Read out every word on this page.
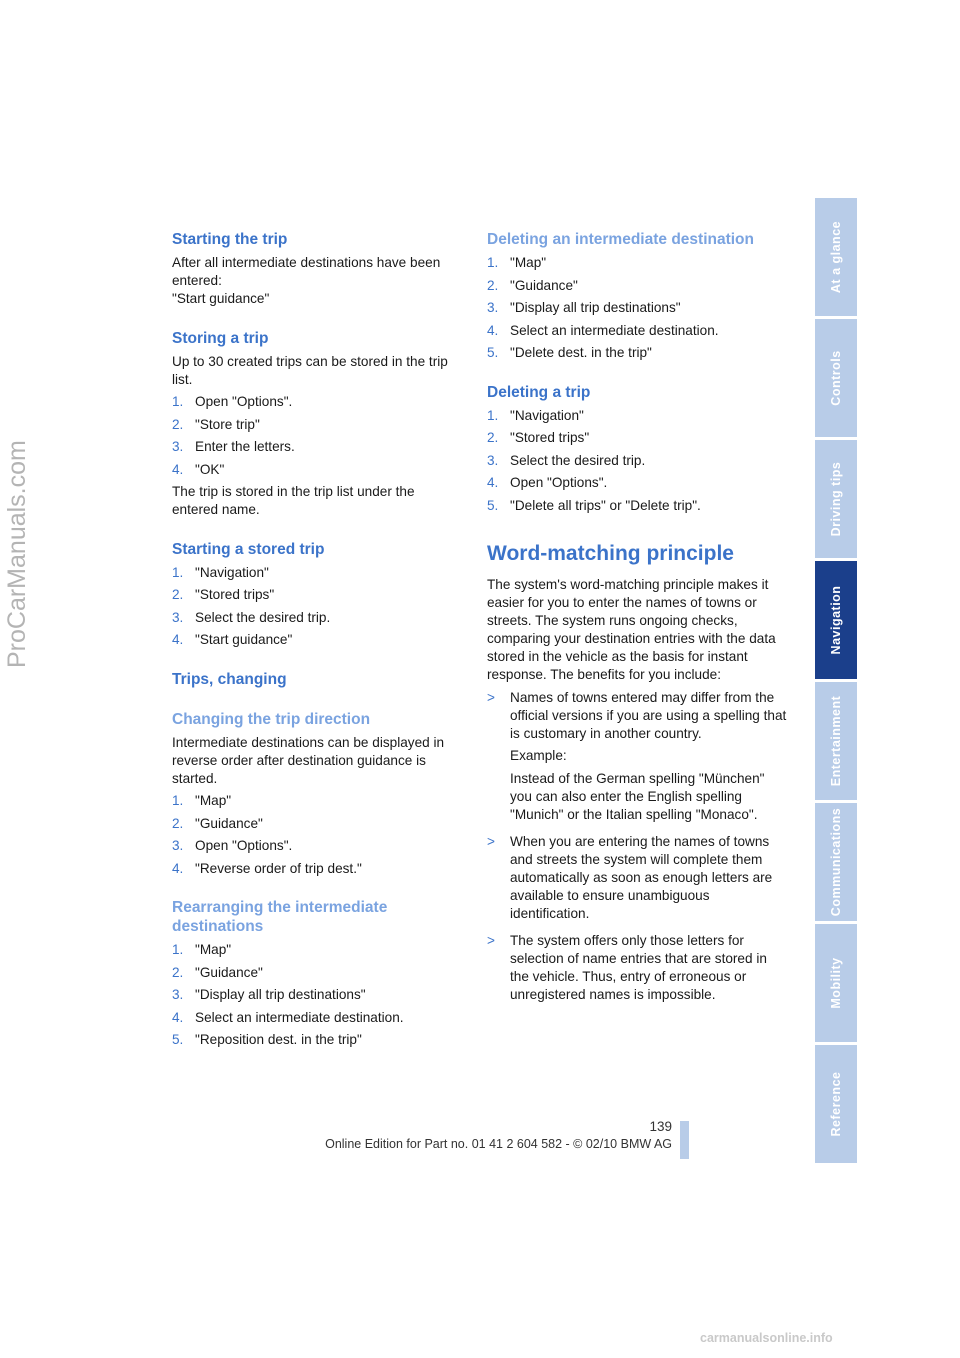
ProCarManuals.com
At a glance
Controls
Driving tips
Navigation
Entertainment
Communications
Mobility
Reference
Starting the trip

After all intermediate destinations have been entered:

"Start guidance"

Storing a trip

Up to 30 created trips can be stored in the trip list.

1. Open "Options".
2. "Store trip"
3. Enter the letters.
4. "OK"

The trip is stored in the trip list under the entered name.

Starting a stored trip
1. "Navigation"
2. "Stored trips"
3. Select the desired trip.
4. "Start guidance"
Trips, changing
Changing the trip direction

Intermediate destinations can be displayed in reverse order after destination guidance is started.

1. "Map"
2. "Guidance"
3. Open "Options".
4. "Reverse order of trip dest."
Rearranging the intermediate destinations
1. "Map"
2. "Guidance"
3. "Display all trip destinations"
4. Select an intermediate destination.
5. "Reposition dest. in the trip"
Deleting an intermediate destination
1. "Map"
2. "Guidance"
3. "Display all trip destinations"
4. Select an intermediate destination.
5. "Delete dest. in the trip"
Deleting a trip
1. "Navigation"
2. "Stored trips"
3. Select the desired trip.
4. Open "Options".
5. "Delete all trips" or "Delete trip".
Word-matching principle

The system's word-matching principle makes it easier for you to enter the names of towns or streets. The system runs ongoing checks, comparing your destination entries with the data stored in the vehicle as the basis for instant response. The benefits for you include:

>	Names of towns entered may differ from the official versions if you are using a spelling that is customary in another country.

Example:

Instead of the German spelling "München" you can also enter the English spelling "Munich" or the Italian spelling "Monaco".

>	When you are entering the names of towns and streets the system will complete them automatically as soon as enough letters are available to ensure unambiguous identification.

>	The system offers only those letters for selection of name entries that are stored in the vehicle. Thus, entry of erroneous or unregistered names is impossible.

139
Online Edition for Part no. 01 41 2 604 582 - © 02/10 BMW AG
carmanualsonline.info
